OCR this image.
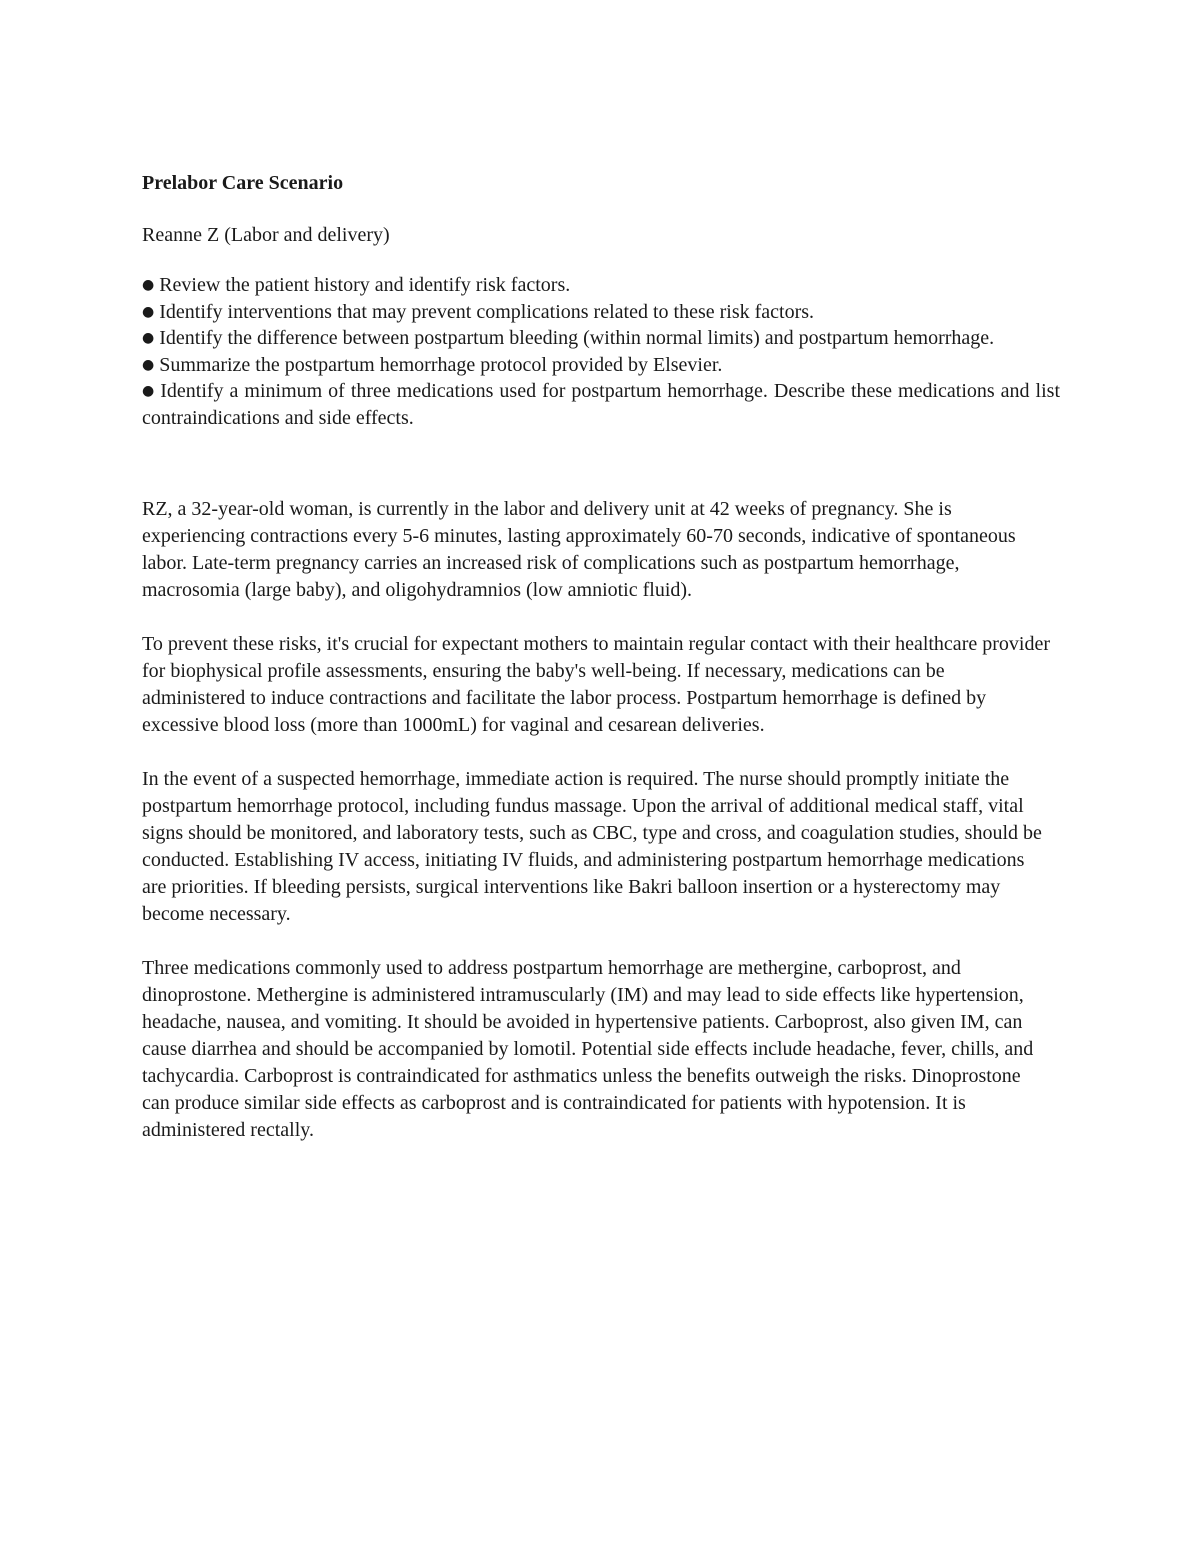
Prelabor Care Scenario
Reanne Z (Labor and delivery)
● Review the patient history and identify risk factors.
● Identify interventions that may prevent complications related to these risk factors.
● Identify the difference between postpartum bleeding (within normal limits) and postpartum hemorrhage.
● Summarize the postpartum hemorrhage protocol provided by Elsevier.
● Identify a minimum of three medications used for postpartum hemorrhage. Describe these medications and list contraindications and side effects.

RZ, a 32-year-old woman, is currently in the labor and delivery unit at 42 weeks of pregnancy. She is experiencing contractions every 5-6 minutes, lasting approximately 60-70 seconds, indicative of spontaneous labor. Late-term pregnancy carries an increased risk of complications such as postpartum hemorrhage, macrosomia (large baby), and oligohydramnios (low amniotic fluid).

To prevent these risks, it's crucial for expectant mothers to maintain regular contact with their healthcare provider for biophysical profile assessments, ensuring the baby's well-being. If necessary, medications can be administered to induce contractions and facilitate the labor process. Postpartum hemorrhage is defined by excessive blood loss (more than 1000mL) for vaginal and cesarean deliveries.

In the event of a suspected hemorrhage, immediate action is required. The nurse should promptly initiate the postpartum hemorrhage protocol, including fundus massage. Upon the arrival of additional medical staff, vital signs should be monitored, and laboratory tests, such as CBC, type and cross, and coagulation studies, should be conducted. Establishing IV access, initiating IV fluids, and administering postpartum hemorrhage medications are priorities. If bleeding persists, surgical interventions like Bakri balloon insertion or a hysterectomy may become necessary.

Three medications commonly used to address postpartum hemorrhage are methergine, carboprost, and dinoprostone. Methergine is administered intramuscularly (IM) and may lead to side effects like hypertension, headache, nausea, and vomiting. It should be avoided in hypertensive patients. Carboprost, also given IM, can cause diarrhea and should be accompanied by lomotil. Potential side effects include headache, fever, chills, and tachycardia. Carboprost is contraindicated for asthmatics unless the benefits outweigh the risks. Dinoprostone can produce similar side effects as carboprost and is contraindicated for patients with hypotension. It is administered rectally.
